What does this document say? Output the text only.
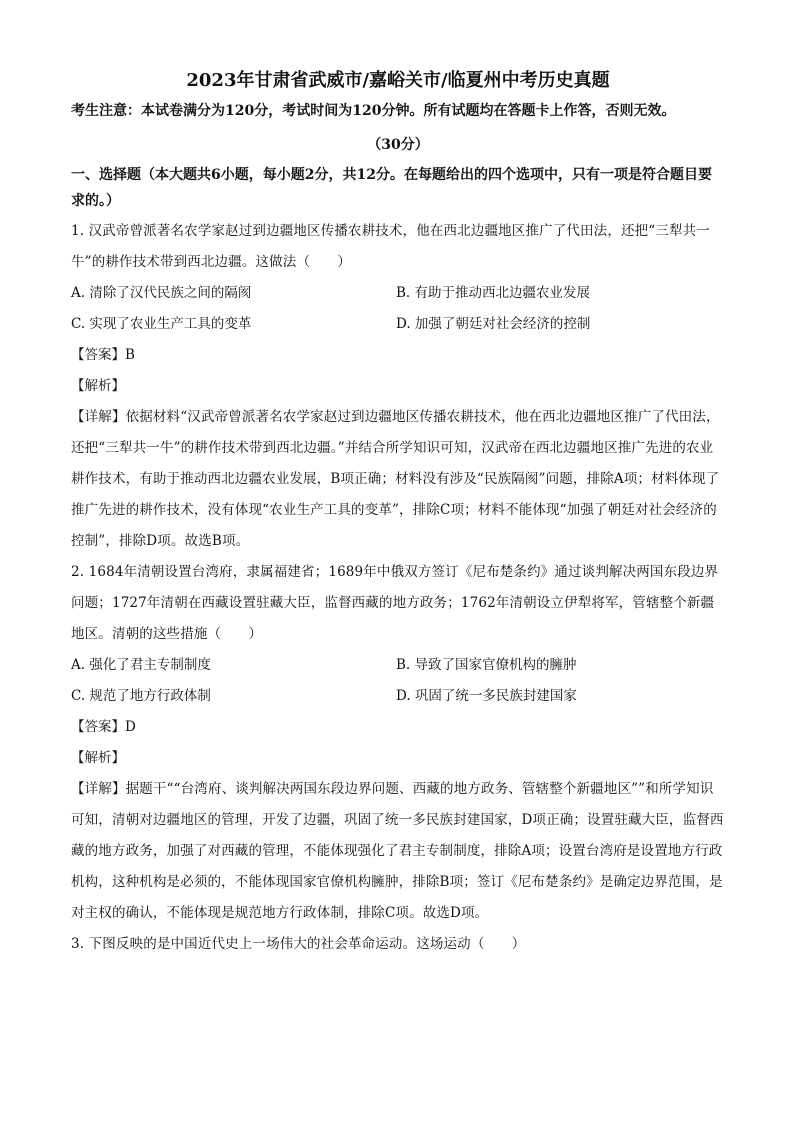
2023年甘肃省武威市/嘉峪关市/临夏州中考历史真题

考生注意：本试卷满分为120分，考试时间为120分钟。所有试题均在答题卡上作答，否则无效。

（30分）

一、选择题（本大题共6小题，每小题2分，共12分。在每题给出的四个选项中，只有一项是符合题目要求的。）

1. 汉武帝曾派著名农学家赵过到边疆地区传播农耕技术，他在西北边疆地区推广了代田法，还把“三犁共一牛”的耕作技术带到西北边疆。这做法（　　）

A. 清除了汉代民族之间的隔阂	B. 有助于推动西北边疆农业发展
C. 实现了农业生产工具的变革	D. 加强了朝廷对社会经济的控制

【答案】B

【解析】

【详解】依据材料“汉武帝曾派著名农学家赵过到边疆地区传播农耕技术，他在西北边疆地区推广了代田法，还把“三犁共一牛”的耕作技术带到西北边疆。”并结合所学知识可知，汉武帝在西北边疆地区推广先进的农业耕作技术，有助于推动西北边疆农业发展，B项正确；材料没有涉及“民族隔阂”问题，排除A项；材料体现了推广先进的耕作技术，没有体现“农业生产工具的变革”，排除C项；材料不能体现“加强了朝廷对社会经济的控制”，排除D项。故选B项。

2. 1684年清朝设置台湾府，隶属福建省；1689年中俄双方签订《尼布楚条约》通过谈判解决两国东段边界问题；1727年清朝在西藏设置驻藏大臣，监督西藏的地方政务；1762年清朝设立伊犁将军，管辖整个新疆地区。清朝的这些措施（　　）

A. 强化了君主专制制度	B. 导致了国家官僚机构的臃肿
C. 规范了地方行政体制	D. 巩固了统一多民族封建国家

【答案】D

【解析】

【详解】据题干““台湾府、谈判解决两国东段边界问题、西藏的地方政务、管辖整个新疆地区””和所学知识可知，清朝对边疆地区的管理，开发了边疆，巩固了统一多民族封建国家，D项正确；设置驻藏大臣，监督西藏的地方政务，加强了对西藏的管理，不能体现强化了君主专制制度，排除A项；设置台湾府是设置地方行政机构，这种机构是必须的，不能体现国家官僚机构臃肿，排除B项；签订《尼布楚条约》是确定边界范围，是对主权的确认，不能体现是规范地方行政体制，排除C项。故选D项。

3. 下图反映的是中国近代史上一场伟大的社会革命运动。这场运动（　　）
